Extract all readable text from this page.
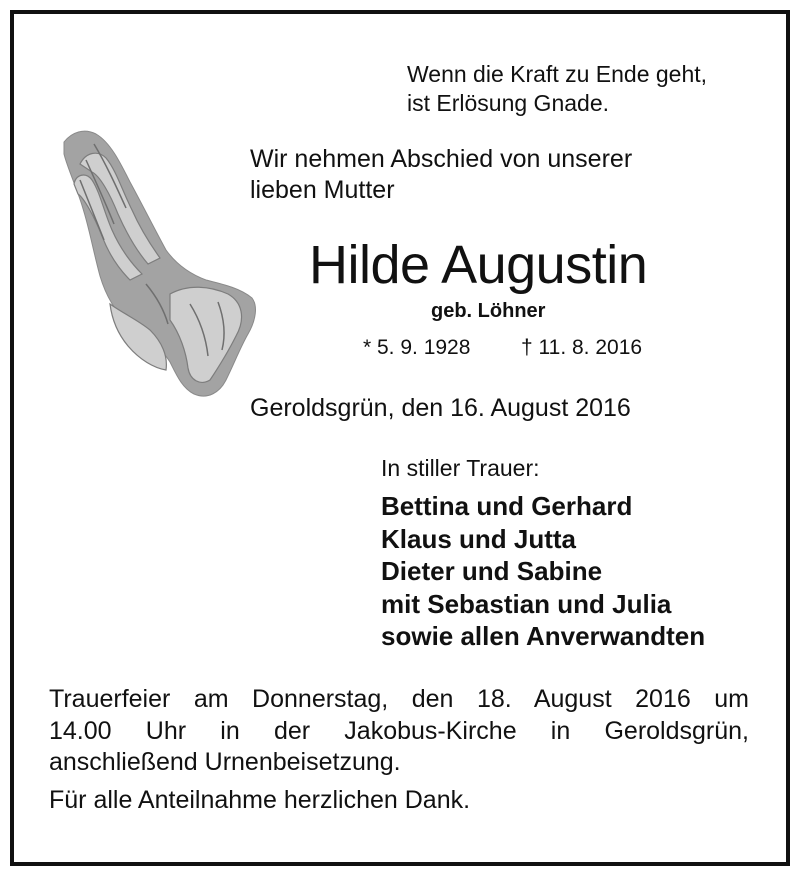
Wenn die Kraft zu Ende geht,
ist Erlösung Gnade.
Wir nehmen Abschied von unserer
lieben Mutter
Hilde Augustin
geb. Löhner
* 5. 9. 1928 † 11. 8. 2016
Geroldsgrün, den 16. August 2016
In stiller Trauer:
Bettina und Gerhard
Klaus und Jutta
Dieter und Sabine
mit Sebastian und Julia
sowie allen Anverwandten
Trauerfeier am Donnerstag, den 18. August 2016 um
14.00 Uhr in der Jakobus-Kirche in Geroldsgrün,
anschließend Urnenbeisetzung.
Für alle Anteilnahme herzlichen Dank.
